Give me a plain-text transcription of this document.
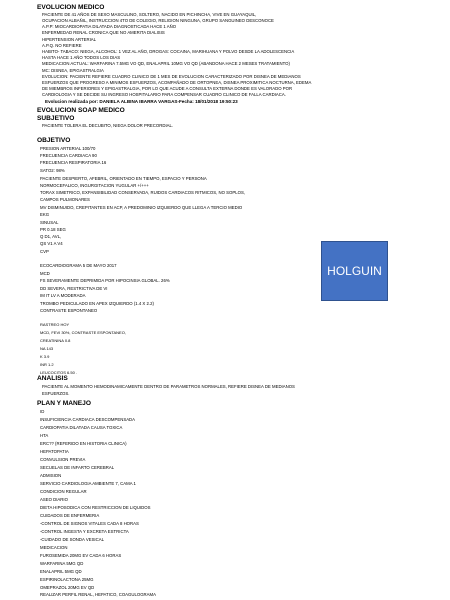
EVOLUCION MEDICO
PACIENTE DE 41 AÑOS DE SEXO MASCULINO, SOLTERO, NACIDO EN PICHINCHA, VIVE EN GUAYAQUIL,
OCUPACION ALBAÑIL, INSTRUCCION 4TO DE COLEGIO, RELIGION NINGUNA, GRUPO SANGUINEO DESCONOCE
A.P.P: MIOCARDIOPATIA DILATADA DIAGNOSTICADA HACE 1 AÑO
ENFERMEDAD RENAL CRONICA QUE NO AMERITA DIALISIS
HIPERTENSION ARTERIAL
A.P.Q. NO REFIERE
HABITO- TABACO: NIEGA, ALCOHOL: 1 VEZ AL AÑO, DROGAS: COCAINA, MARIHUANA Y POLVO DESDE LA ADOLESCENCIA
HASTA HACE 1 AÑO TODOS LOS DIAS
MEDICACION ACTUAL: WARFARINA 7.5MG VO QD, ENALAPRIL 10MG VO QD (ABANDONA HACE 2 MESES TRATAMIENTO)
MC: DISNEA, EPIGASTRALGIA
EVOLUCION: PACIENTE REFIERE CUADRO CLINICO DE 1 MES DE EVOLUCION CARACTERIZADO POR DISNEA DE MEDIANOS
ESFUERZOS QUE PROGRESO A MINIMOS ESFUERZOS, ACOMPAÑADO DE ORTOPNEA, DISNEA PROXIMITICA NOCTURNA, EDEMA
DE MIEMBROS INFERIORES Y EPIGASTRALGIA, POR LO QUE ACUDE A CONSULTA EXTERNA DONDE ES VALORADO POR
CARDIOLOGIA Y SE DECIDE SU INGRESO HOSPITALARIO PARA COMPENSAR CUADRO CLINICO DE FALLA CARDIACA.
Evolucion realizada por: DANIELA ALBINA IBARRA VARGAS-Fecha: 18/01/2018 19:50:23
EVOLUCION SOAP MEDICO
SUBJETIVO
PACIENTE TOLERA EL DECUBITO, NIEGA DOLOR PRECORDIAL.
OBJETIVO
PRESION ARTERIAL 100/70
FRECUENCIA CARDIACA 90
FRECUENCIA RESPIRATORIA 16
SATO2: 98%
PACIENTE DESPIERTO, AFEBRIL, ORIENTADO EN TIEMPO, ESPACIO Y PERSONA
NORMOCEFALICO, INGURGITACION YUGULAR +/+++
TORAX SIMETRICO, EXPANSIBILIDAD CONSERVADA, RUIDOS CARDIACOS RITMICOS, NO SOPLOS,
CAMPOS PULMONARES
MV DISMINUIDO, CREPITANTES EN ACP, A PREDOMINIO IZQUIERDO QUE LLEGA A TERCIO MEDIO
EKG
SINUSAL
PR 0.18 SEG
Q D1, AVL,
QS V1 A V4
CVP
ECOCARDIOGRAMA 5 DE MAYO 2017
MCD
FS SEVERAMENTE DEPRIMIDA POR HIPOCINSIA GLOBAL. 26%
DD SEVERA, RESTRICTIVA DE VI
IM IT LV A MODERADA
TROMBO PEDICULADO EN APEX IZQUIERDO (1.4 X 2.2)
CONTRASTE ESPONTANEO
RASTREO HOY
MCD, FEVI 30%, CONTRASTE ESPONTANEO,
CREATININA 0.8
NA 143
K 3.9
INR 1.2
LEUCOCITOS 6.50 .
ANALISIS
PACIENTE AL MOMENTO HEMODINAMICAMENTE DENTRO DE PARAMETROS NORMALES, REFIERE DISNEA DE MEDIANOS
ESFUERZOS.
PLAN Y MANEJO
ID
INSUFICIENCIA CARDIACA DESCOMPENSADA
CARDIOPATIA DILATADA CAUSA TOXICA
HTA
ERC?? (REFERIDO EN HISTORIA CLINICA)
HEPATOPATIA
CONVULSION PREVIA
SECUELAS DE INFARTO CEREBRAL
ADMISION
SERVICIO CARDIOLOGIA AMBIENTE 7, CAMA 1
CONDICION REGULAR
ASEO DIARIO
DIETA HIPOSODICA CON RESTRICCION DE LIQUIDOS
CUIDADOS DE ENFERMERIA
-CONTROL DE SIGNOS VITALES CADA 8 HORAS
-CONTROL INGESTA Y EXCRETA ESTRICTA
-CUIDADO DE SONDA VESICAL
MEDICACION
FUROSEMIDA 20MG EV CADA 6 HORAS
WARFARINA 5MG QD
ENALAPRIL 5MG QD
ESPIRINOLACTONA 25MG
OMEPRAZOL 20MG EV QD
REALIZAR PERFIL RENAL, HEPATICO, COAGULOGRAMA
HOLGUIN
